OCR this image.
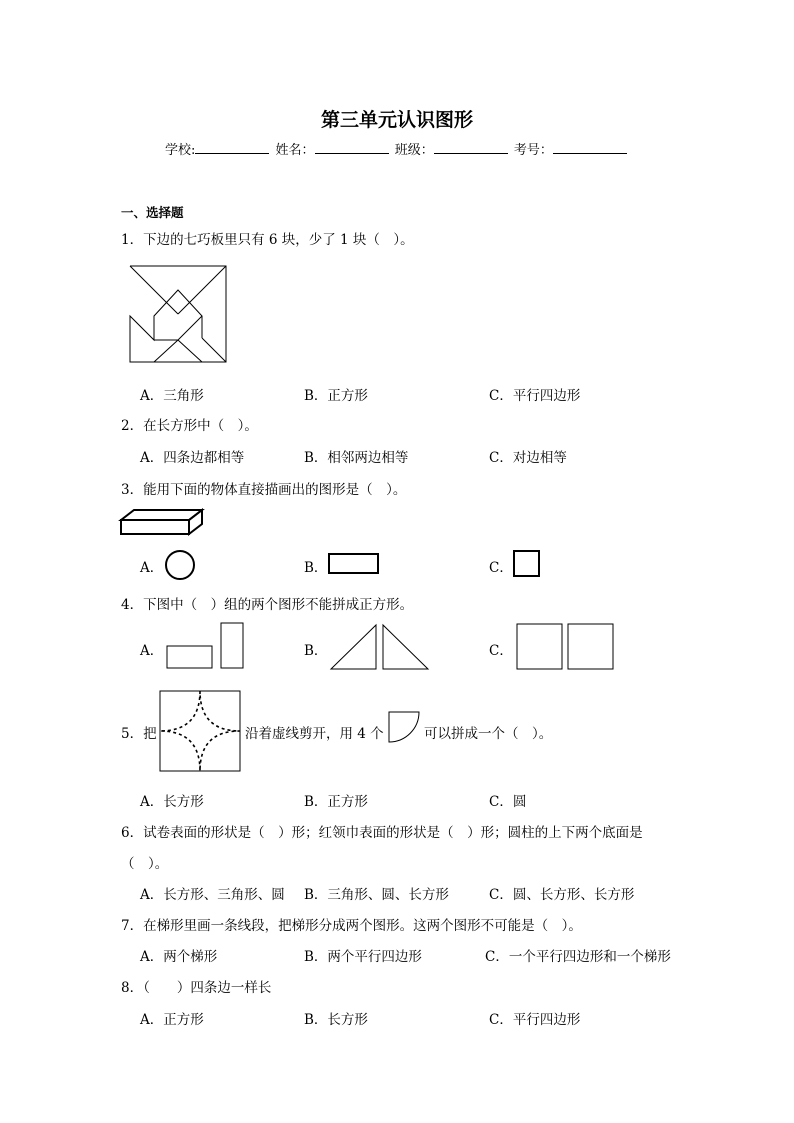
第三单元认识图形
学校:	姓名：	班级：	考号：
一、选择题
1．下边的七巧板里只有 6 块，少了 1 块（　）。
A．三角形	B．正方形	C．平行四边形
2．在长方形中（　）。
A．四条边都相等	B．相邻两边相等	C．对边相等
3．能用下面的物体直接描画出的图形是（　）。
A．	B．	C．
4．下图中（　）组的两个图形不能拼成正方形。
A．	B．	C．
5．把	沿着虚线剪开，用 4 个	可以拼成一个（　）。
A．长方形	B．正方形	C．圆
6．试卷表面的形状是（　）形；红领巾表面的形状是（　）形；圆柱的上下两个底面是
（　）。
A．长方形、三角形、圆 B．三角形、圆、长方形	C．圆、长方形、长方形
7．在梯形里画一条线段，把梯形分成两个图形。这两个图形不可能是（　）。
A．两个梯形	B．两个平行四边形	C．一个平行四边形和一个梯形
8．（　　）四条边一样长
A．正方形	B．长方形	C．平行四边形
